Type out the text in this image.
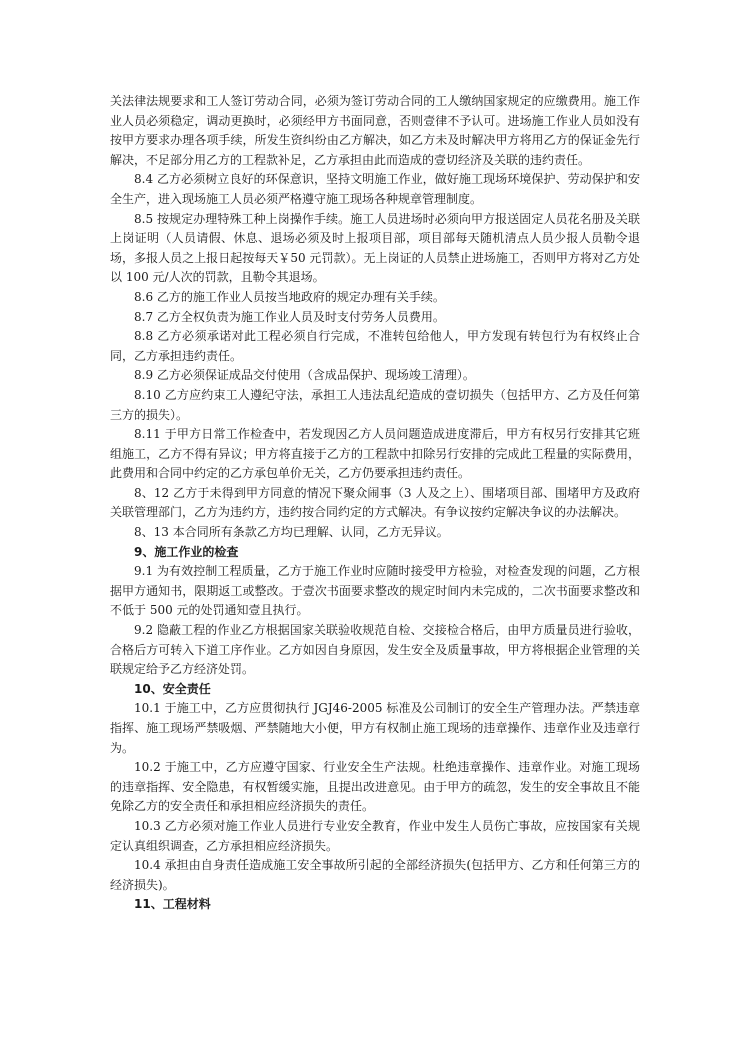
关法律法规要求和工人签订劳动合同，必须为签订劳动合同的工人缴纳国家规定的应缴费用。施工作业人员必须稳定，调动更换时，必须经甲方书面同意，否则壹律不予认可。进场施工作业人员如没有按甲方要求办理各项手续，所发生资纠纷由乙方解决，如乙方未及时解决甲方将用乙方的保证金先行解决，不足部分用乙方的工程款补足，乙方承担由此而造成的壹切经济及关联的违约责任。

8.4 乙方必须树立良好的环保意识，坚持文明施工作业，做好施工现场环境保护、劳动保护和安全生产，进入现场施工人员必须严格遵守施工现场各种规章管理制度。

8.5 按规定办理特殊工种上岗操作手续。施工人员进场时必须向甲方报送固定人员花名册及关联上岗证明（人员请假、休息、退场必须及时上报项目部，项目部每天随机清点人员少报人员勒令退场，多报人员之上报日起按每天￥50 元罚款）。无上岗证的人员禁止进场施工，否则甲方将对乙方处以 100 元/人次的罚款，且勒令其退场。

8.6 乙方的施工作业人员按当地政府的规定办理有关手续。

8.7 乙方全权负责为施工作业人员及时支付劳务人员费用。

8.8 乙方必须承诺对此工程必须自行完成，不准转包给他人，甲方发现有转包行为有权终止合同，乙方承担违约责任。

8.9 乙方必须保证成品交付使用（含成品保护、现场竣工清理）。

8.10 乙方应约束工人遵纪守法，承担工人违法乱纪造成的壹切损失（包括甲方、乙方及任何第三方的损失）。

8.11 于甲方日常工作检查中，若发现因乙方人员问题造成进度滞后，甲方有权另行安排其它班组施工，乙方不得有异议；甲方将直接于乙方的工程款中扣除另行安排的完成此工程量的实际费用，此费用和合同中约定的乙方承包单价无关，乙方仍要承担违约责任。

8、12 乙方于未得到甲方同意的情况下聚众闹事（3 人及之上）、围堵项目部、围堵甲方及政府关联管理部门，乙方为违约方，违约按合同约定的方式解决。有争议按约定解决争议的办法解决。

8、13 本合同所有条款乙方均已理解、认同，乙方无异议。

9、施工作业的检查

9.1 为有效控制工程质量，乙方于施工作业时应随时接受甲方检验，对检查发现的问题，乙方根据甲方通知书，限期返工或整改。于壹次书面要求整改的规定时间内未完成的，二次书面要求整改和不低于 500 元的处罚通知壹且执行。

9.2 隐蔽工程的作业乙方根据国家关联验收规范自检、交接检合格后，由甲方质量员进行验收，合格后方可转入下道工序作业。乙方如因自身原因，发生安全及质量事故，甲方将根据企业管理的关联规定给予乙方经济处罚。

10、安全责任

10.1 于施工中，乙方应贯彻执行 JGJ46-2005 标准及公司制订的安全生产管理办法。严禁违章指挥、施工现场严禁吸烟、严禁随地大小便，甲方有权制止施工现场的违章操作、违章作业及违章行为。

10.2 于施工中，乙方应遵守国家、行业安全生产法规。杜绝违章操作、违章作业。对施工现场的违章指挥、安全隐患，有权暂缓实施，且提出改进意见。由于甲方的疏忽，发生的安全事故且不能免除乙方的安全责任和承担相应经济损失的责任。

10.3 乙方必须对施工作业人员进行专业安全教育，作业中发生人员伤亡事故，应按国家有关规定认真组织调查，乙方承担相应经济损失。

10.4 承担由自身责任造成施工安全事故所引起的全部经济损失(包括甲方、乙方和任何第三方的经济损失)。

11、工程材料
